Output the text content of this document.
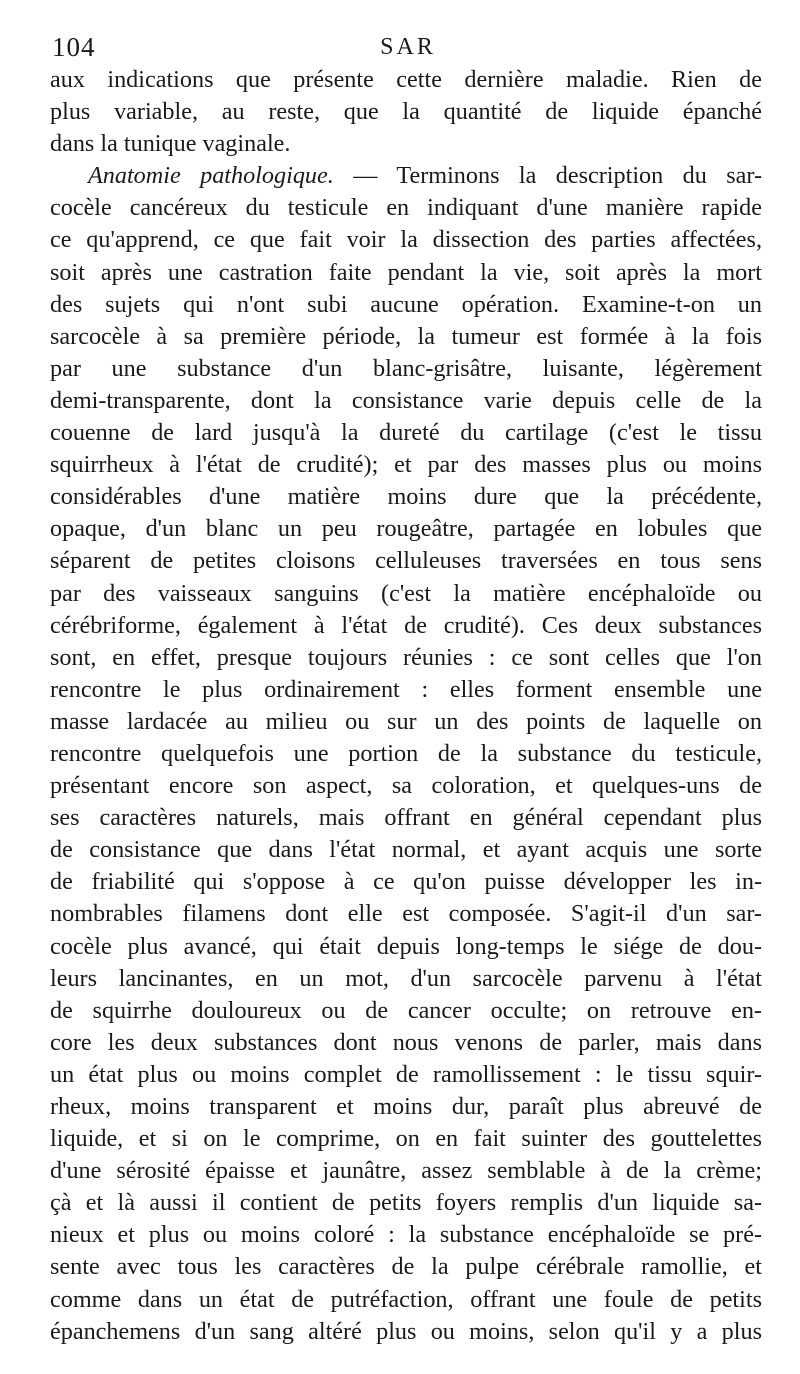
104	SAR
aux indications que présente cette dernière maladie. Rien de
plus variable, au reste, que la quantité de liquide épanché
dans la tunique vaginale.
Anatomie pathologique. — Terminons la description du sar-
cocèle cancéreux du testicule en indiquant d'une manière rapide
ce qu'apprend, ce que fait voir la dissection des parties affectées,
soit après une castration faite pendant la vie, soit après la mort
des sujets qui n'ont subi aucune opération. Examine-t-on un
sarcocèle à sa première période, la tumeur est formée à la fois
par une substance d'un blanc-grisâtre, luisante, légèrement
demi-transparente, dont la consistance varie depuis celle de la
couenne de lard jusqu'à la dureté du cartilage (c'est le tissu
squirrheux à l'état de crudité); et par des masses plus ou moins
considérables d'une matière moins dure que la précédente,
opaque, d'un blanc un peu rougeâtre, partagée en lobules que
séparent de petites cloisons celluleuses traversées en tous sens
par des vaisseaux sanguins (c'est la matière encéphaloïde ou
cérébriforme, également à l'état de crudité). Ces deux substances
sont, en effet, presque toujours réunies : ce sont celles que l'on
rencontre le plus ordinairement : elles forment ensemble une
masse lardacée au milieu ou sur un des points de laquelle on
rencontre quelquefois une portion de la substance du testicule,
présentant encore son aspect, sa coloration, et quelques-uns de
ses caractères naturels, mais offrant en général cependant plus
de consistance que dans l'état normal, et ayant acquis une sorte
de friabilité qui s'oppose à ce qu'on puisse développer les in-
nombrables filamens dont elle est composée. S'agit-il d'un sar-
cocèle plus avancé, qui était depuis long-temps le siége de dou-
leurs lancinantes, en un mot, d'un sarcocèle parvenu à l'état
de squirrhe douloureux ou de cancer occulte; on retrouve en-
core les deux substances dont nous venons de parler, mais dans
un état plus ou moins complet de ramollissement : le tissu squir-
rheux, moins transparent et moins dur, paraît plus abreuvé de
liquide, et si on le comprime, on en fait suinter des gouttelettes
d'une sérosité épaisse et jaunâtre, assez semblable à de la crème;
çà et là aussi il contient de petits foyers remplis d'un liquide sa-
nieux et plus ou moins coloré : la substance encéphaloïde se pré-
sente avec tous les caractères de la pulpe cérébrale ramollie, et
comme dans un état de putréfaction, offrant une foule de petits
épanchemens d'un sang altéré plus ou moins, selon qu'il y a plus
